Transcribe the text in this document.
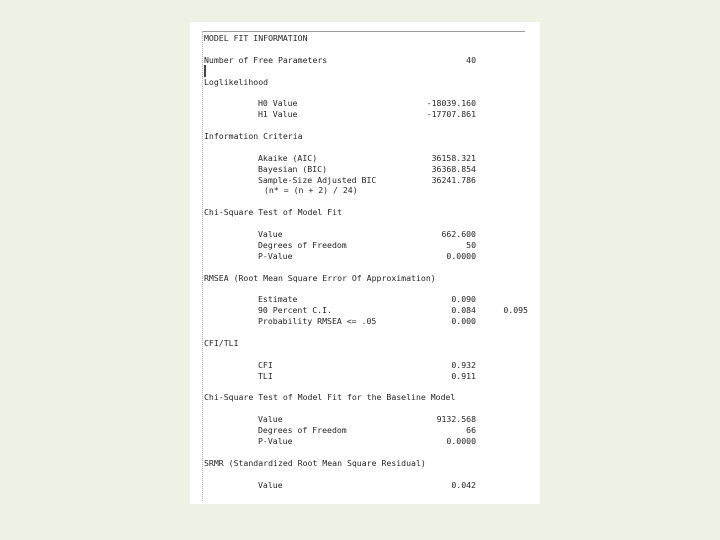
MODEL FIT INFORMATION
Number of Free Parameters	40
Loglikelihood
H0 Value	-18039.160
H1 Value	-17707.861
Information Criteria
Akaike (AIC)	36158.321
Bayesian (BIC)	36368.854
Sample-Size Adjusted BIC	36241.786
(n* = (n + 2) / 24)
Chi-Square Test of Model Fit
Value	662.600
Degrees of Freedom	50
P-Value	0.0000
RMSEA (Root Mean Square Error Of Approximation)
Estimate	0.090
90 Percent C.I.	0.084	0.095
Probability RMSEA <= .05	0.000
CFI/TLI
CFI	0.932
TLI	0.911
Chi-Square Test of Model Fit for the Baseline Model
Value	9132.568
Degrees of Freedom	66
P-Value	0.0000
SRMR (Standardized Root Mean Square Residual)
Value	0.042
